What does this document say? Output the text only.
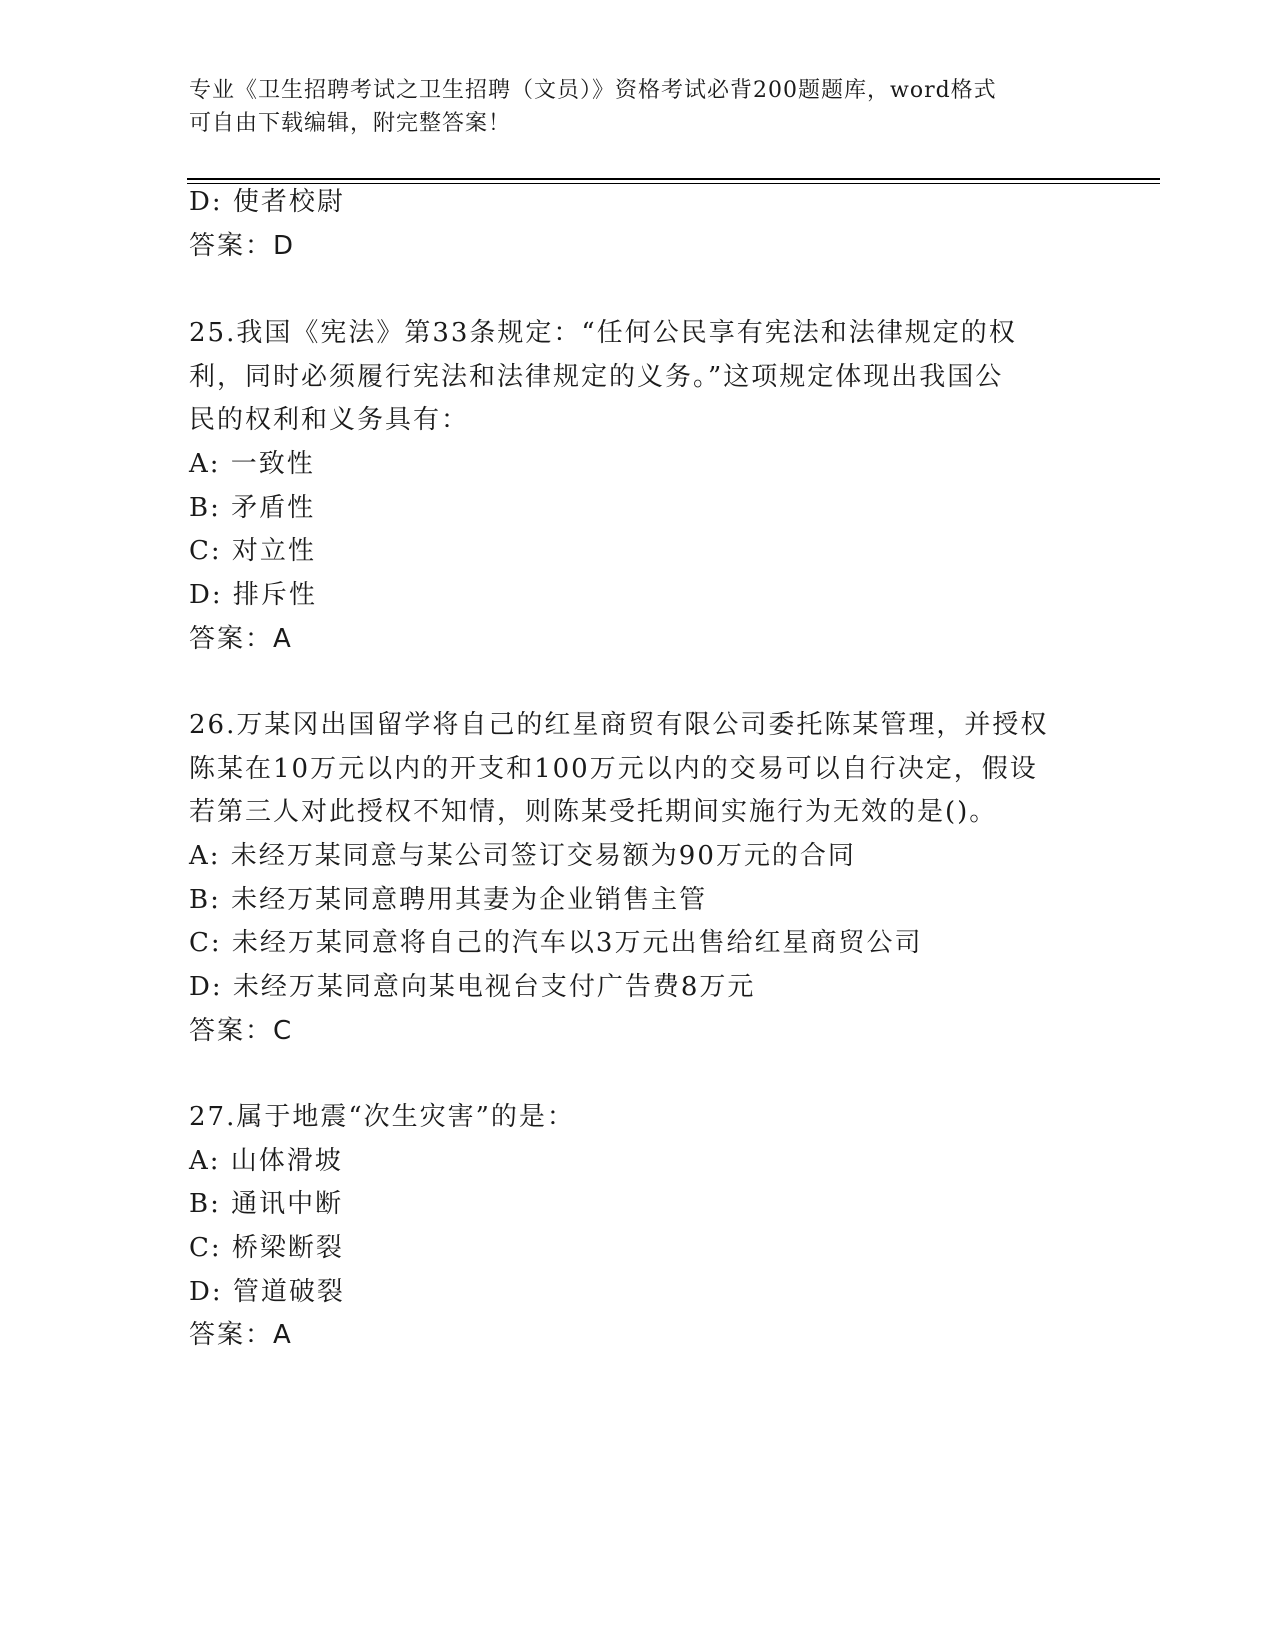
专业《卫生招聘考试之卫生招聘（文员）》资格考试必背200题题库，word格式
可自由下载编辑，附完整答案！
D: 使者校尉
答案：D
25.我国《宪法》第33条规定：“任何公民享有宪法和法律规定的权
利，同时必须履行宪法和法律规定的义务。”这项规定体现出我国公
民的权利和义务具有：
A: 一致性
B: 矛盾性
C: 对立性
D: 排斥性
答案：A
26.万某冈出国留学将自己的红星商贸有限公司委托陈某管理，并授权
陈某在10万元以内的开支和100万元以内的交易可以自行决定，假设
若第三人对此授权不知情，则陈某受托期间实施行为无效的是()。
A: 未经万某同意与某公司签订交易额为90万元的合同
B: 未经万某同意聘用其妻为企业销售主管
C: 未经万某同意将自己的汽车以3万元出售给红星商贸公司
D: 未经万某同意向某电视台支付广告费8万元
答案：C
27.属于地震“次生灾害”的是：
A: 山体滑坡
B: 通讯中断
C: 桥梁断裂
D: 管道破裂
答案：A
